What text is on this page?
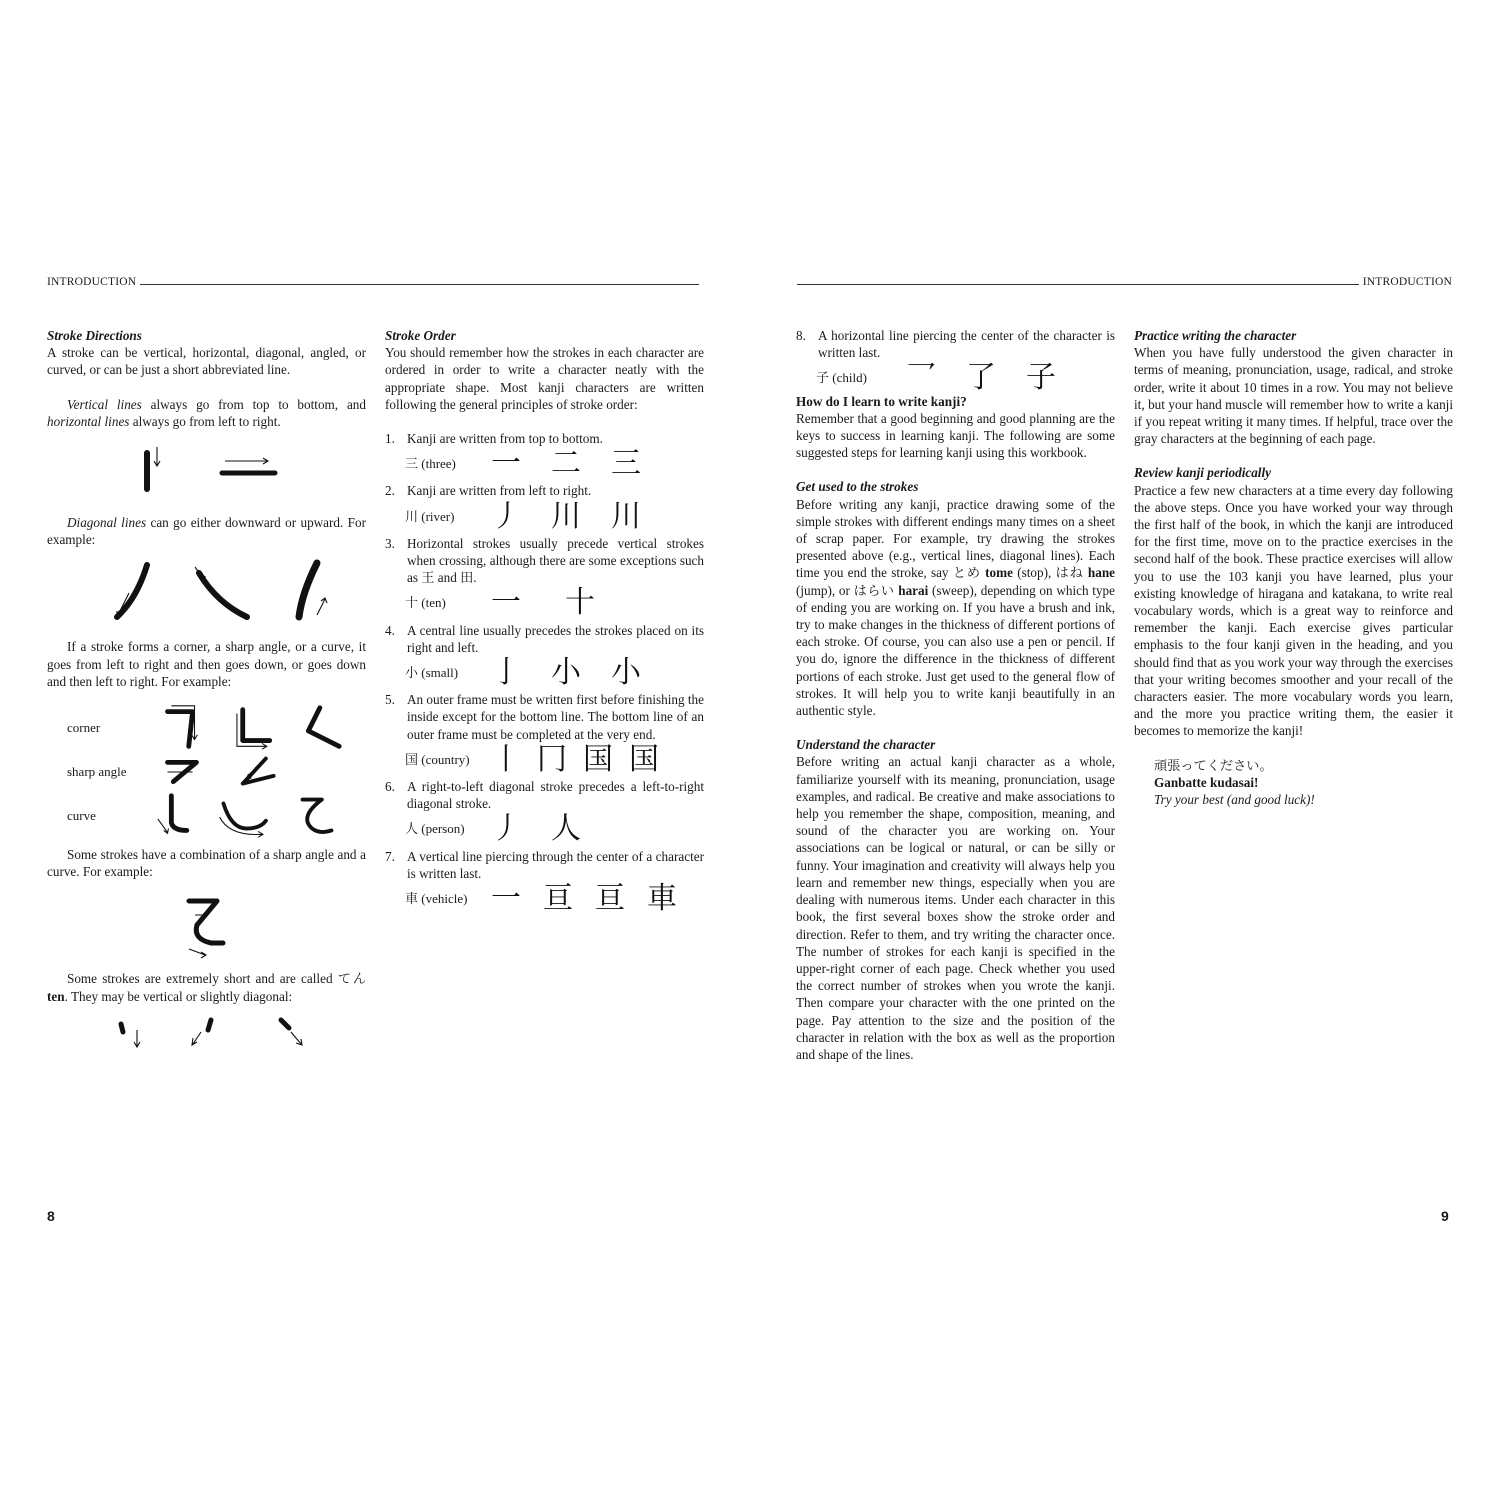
INTRODUCTION
Stroke Directions

A stroke can be vertical, horizontal, diagonal, angled, or curved, or can be just a short abbreviated line.

Vertical lines always go from top to bottom, and horizontal lines always go from left to right.

Diagonal lines can go either downward or upward. For example:

If a stroke forms a corner, a sharp angle, or a curve, it goes from left to right and then goes down, or goes down and then left to right. For example:

corner
sharp angle
curve

Some strokes have a combination of a sharp angle and a curve. For example:

Some strokes are extremely short and are called てん ten. They may be vertical or slightly diagonal:

Stroke Order

You should remember how the strokes in each character are ordered in order to write a character neatly with the appropriate shape. Most kanji characters are written following the general principles of stroke order:

1. Kanji are written from top to bottom.
三 (three)	一 二 三
2. Kanji are written from left to right.
川 (river)	丿 川 川
3. Horizontal strokes usually precede vertical strokes when crossing, although there are some exceptions such as 王 and 田.
十 (ten)	一 十
4. A central line usually precedes the strokes placed on its right and left.
小 (small)	亅 小 小
5. An outer frame must be written first before finishing the inside except for the bottom line. The bottom line of an outer frame must be completed at the very end.
国 (country) 丨 冂 国 国
6. A right-to-left diagonal stroke precedes a left-to-right diagonal stroke.
人 (person) 丿 人
7. A vertical line piercing through the center of a character is written last.
車 (vehicle) 一 亘 亘 車
8
INTRODUCTION
8. A horizontal line piercing the center of the character is written last.
子 (child)	乛 了 子
How do I learn to write kanji?

Remember that a good beginning and good planning are the keys to success in learning kanji. The following are some suggested steps for learning kanji using this workbook.

Get used to the strokes

Before writing any kanji, practice drawing some of the simple strokes with different endings many times on a sheet of scrap paper. For example, try drawing the strokes presented above (e.g., vertical lines, diagonal lines). Each time you end the stroke, say とめ tome (stop), はね hane (jump), or はらい harai (sweep), depending on which type of ending you are working on. If you have a brush and ink, try to make changes in the thickness of different portions of each stroke. Of course, you can also use a pen or pencil. If you do, ignore the difference in the thickness of different portions of each stroke. Just get used to the general flow of strokes. It will help you to write kanji beautifully in an authentic style.

Understand the character

Before writing an actual kanji character as a whole, familiarize yourself with its meaning, pronunciation, usage examples, and radical. Be creative and make associations to help you remember the shape, composition, meaning, and sound of the character you are working on. Your associations can be logical or natural, or can be silly or funny. Your imagination and creativity will always help you learn and remember new things, especially when you are dealing with numerous items. Under each character in this book, the first several boxes show the stroke order and direction. Refer to them, and try writing the character once. The number of strokes for each kanji is specified in the upper-right corner of each page. Check whether you used the correct number of strokes when you wrote the kanji. Then compare your character with the one printed on the page. Pay attention to the size and the position of the character in relation with the box as well as the proportion and shape of the lines.

Practice writing the character

When you have fully understood the given character in terms of meaning, pronunciation, usage, radical, and stroke order, write it about 10 times in a row. You may not believe it, but your hand muscle will remember how to write a kanji if you repeat writing it many times. If helpful, trace over the gray characters at the beginning of each page.

Review kanji periodically

Practice a few new characters at a time every day following the above steps. Once you have worked your way through the first half of the book, in which the kanji are introduced for the first time, move on to the practice exercises in the second half of the book. These practice exercises will allow you to use the 103 kanji you have learned, plus your existing knowledge of hiragana and katakana, to write real vocabulary words, which is a great way to reinforce and remember the kanji. Each exercise gives particular emphasis to the four kanji given in the heading, and you should find that as you work your way through the exercises that your writing becomes smoother and your recall of the characters easier. The more vocabulary words you learn, and the more you practice writing them, the easier it becomes to memorize the kanji!

頑張ってください。
Ganbatte kudasai!
Try your best (and good luck)!
9
